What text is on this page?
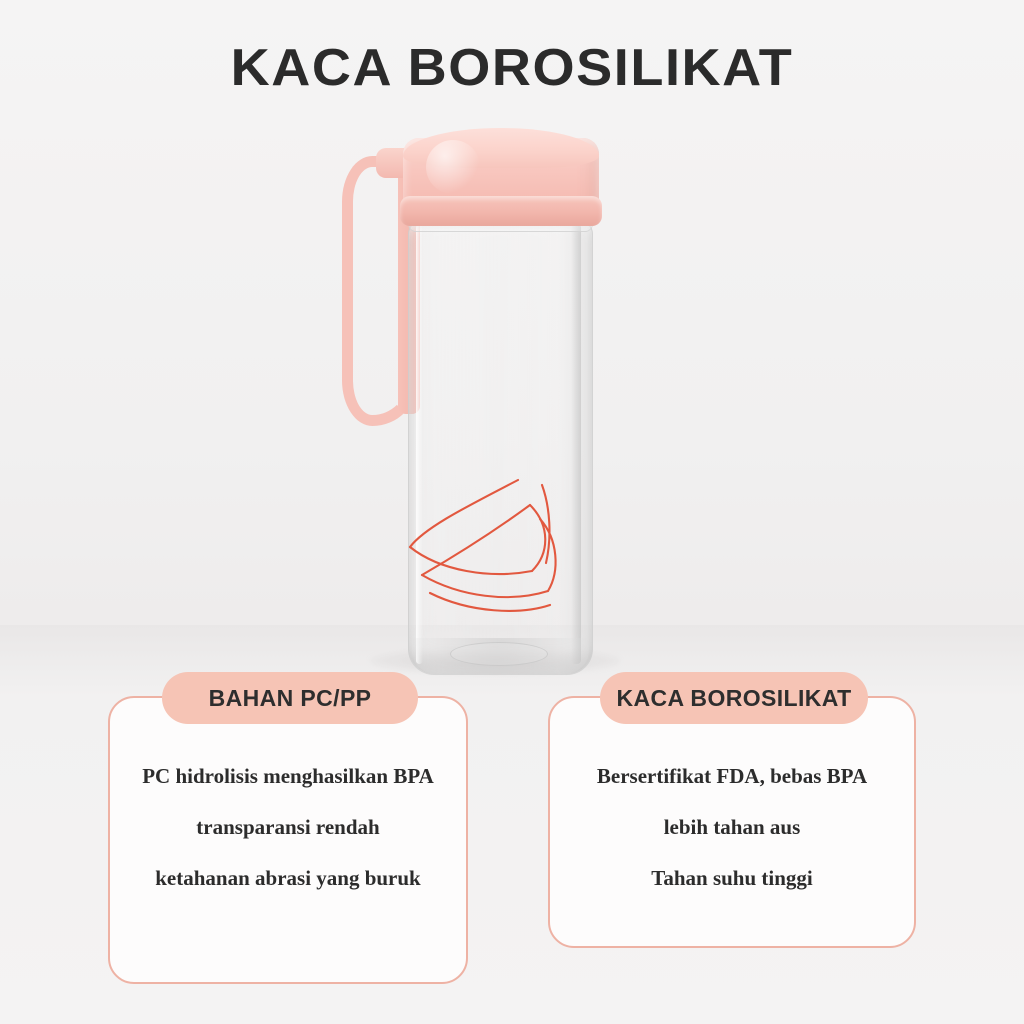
KACA BOROSILIKAT
BAHAN PC/PP
PC hidrolisis menghasilkan BPA
transparansi rendah
ketahanan abrasi yang buruk
KACA BOROSILIKAT
Bersertifikat FDA, bebas BPA
lebih tahan aus
Tahan suhu tinggi
